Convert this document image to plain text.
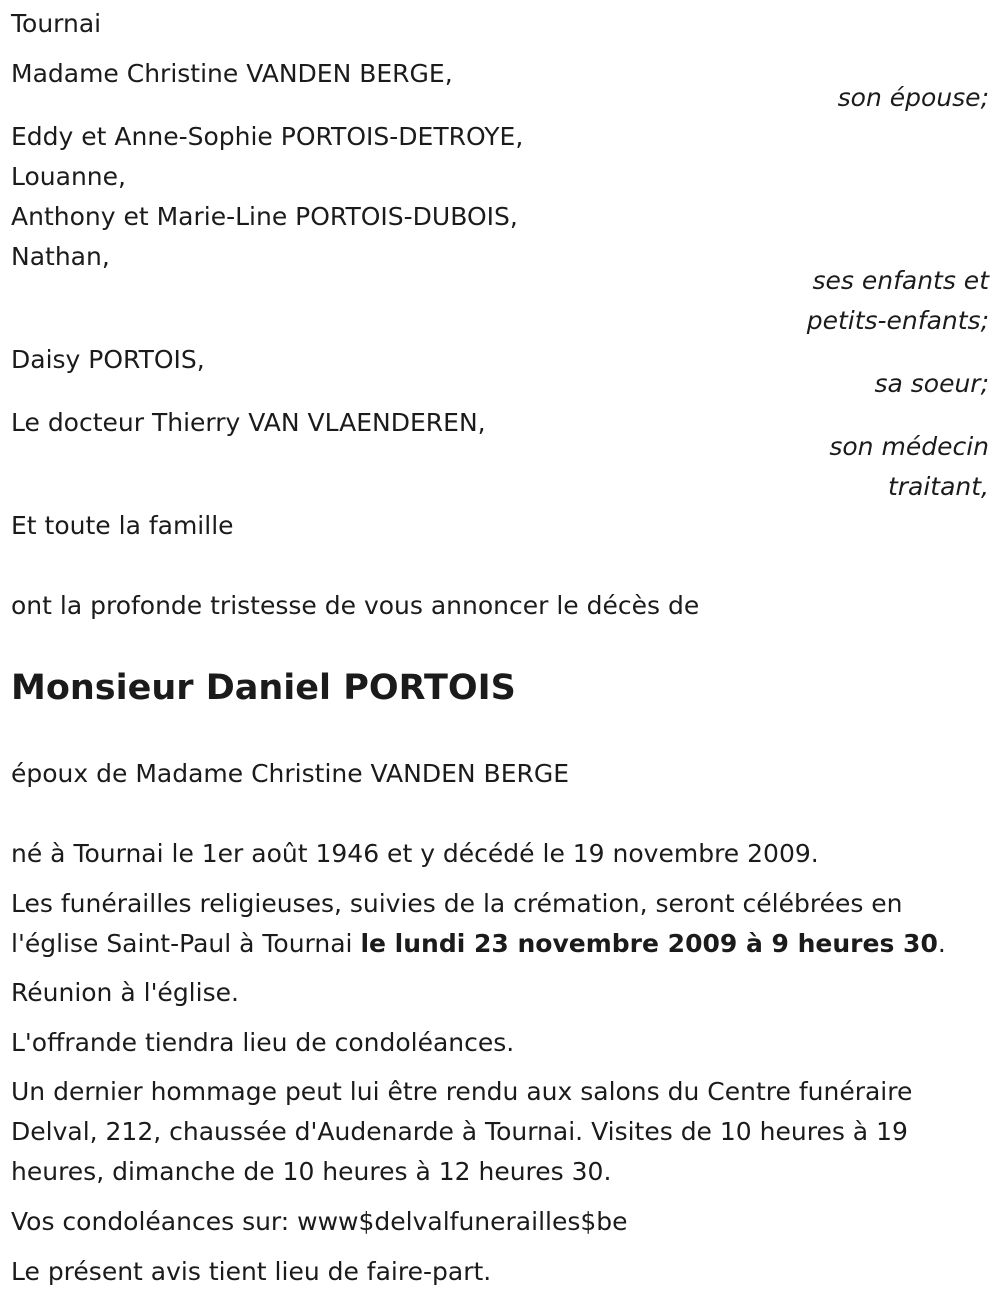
Tournai
Madame Christine VANDEN BERGE,
son épouse;
Eddy et Anne-Sophie PORTOIS-DETROYE,
Louanne,
Anthony et Marie-Line PORTOIS-DUBOIS,
Nathan,
ses enfants et
petits-enfants;
Daisy PORTOIS,
sa soeur;
Le docteur Thierry VAN VLAENDEREN,
son médecin
traitant,
Et toute la famille
ont la profonde tristesse de vous annoncer le décès de
Monsieur Daniel PORTOIS
époux de Madame Christine VANDEN BERGE
né à Tournai le 1er août 1946 et y décédé le 19 novembre 2009.
Les funérailles religieuses, suivies de la crémation, seront célébrées en
l'église Saint-Paul à Tournai le lundi 23 novembre 2009 à 9 heures 30.
Réunion à l'église.
L'offrande tiendra lieu de condoléances.
Un dernier hommage peut lui être rendu aux salons du Centre funéraire
Delval, 212, chaussée d'Audenarde à Tournai. Visites de 10 heures à 19
heures, dimanche de 10 heures à 12 heures 30.
Vos condoléances sur: www$delvalfunerailles$be
Le présent avis tient lieu de faire-part.
